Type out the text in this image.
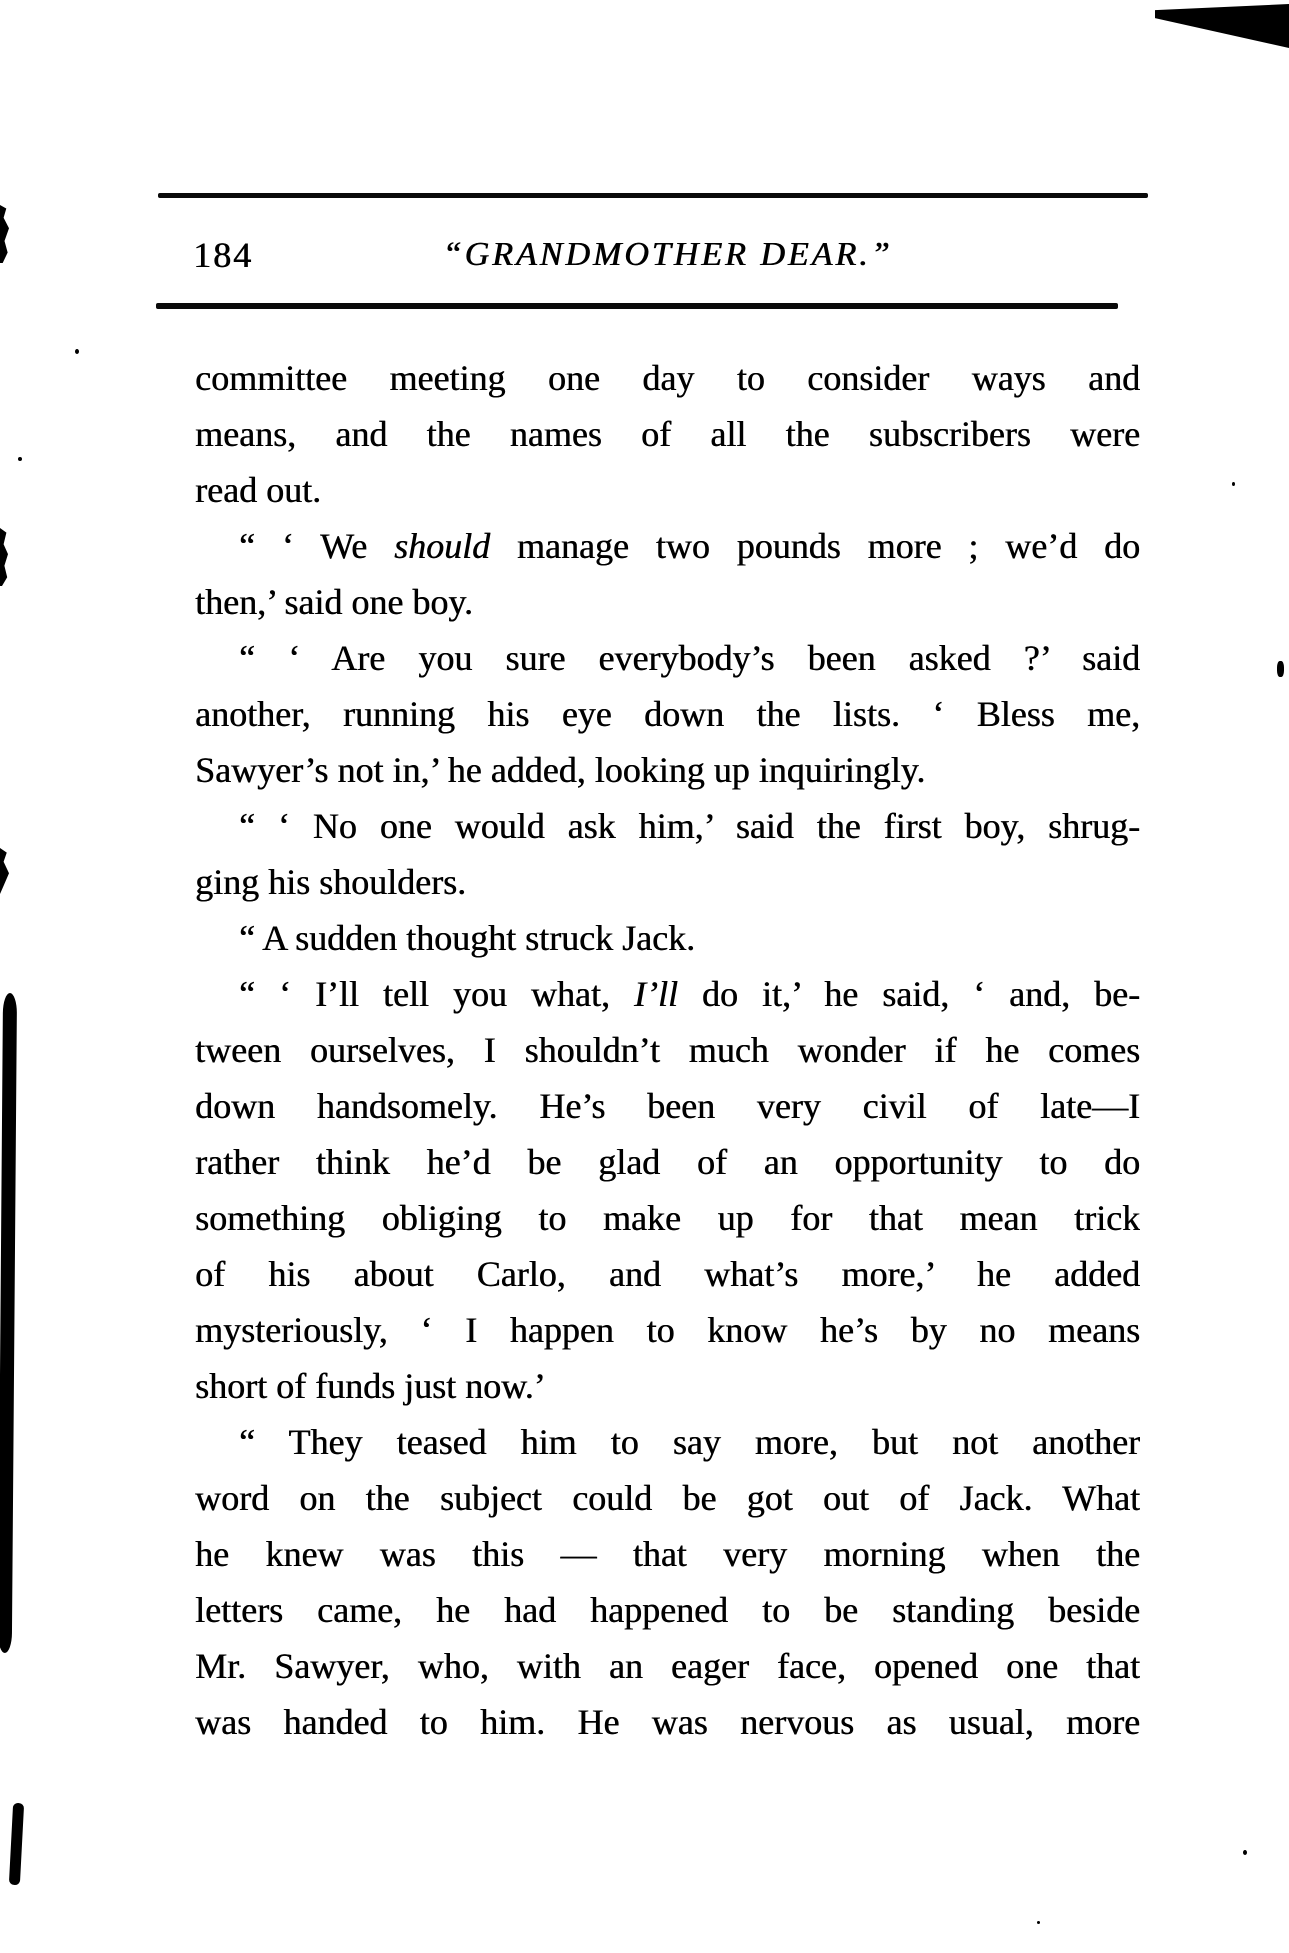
184	“GRANDMOTHER DEAR.”
committee meeting one day to consider ways and
means, and the names of all the subscribers were
read out.
“ ‘ We should manage two pounds more ; we’d do
then,’ said one boy.
“ ‘ Are you sure everybody’s been asked ?’ said
another, running his eye down the lists. ‘ Bless me,
Sawyer’s not in,’ he added, looking up inquiringly.
“ ‘ No one would ask him,’ said the first boy, shrug-
ging his shoulders.
“ A sudden thought struck Jack.
“ ‘ I’ll tell you what, I’ll do it,’ he said, ‘ and, be-
tween ourselves, I shouldn’t much wonder if he comes
down handsomely. He’s been very civil of late—I
rather think he’d be glad of an opportunity to do
something obliging to make up for that mean trick
of his about Carlo, and what’s more,’ he added
mysteriously, ‘ I happen to know he’s by no means
short of funds just now.’
“ They teased him to say more, but not another
word on the subject could be got out of Jack. What
he knew was this — that very morning when the
letters came, he had happened to be standing beside
Mr. Sawyer, who, with an eager face, opened one that
was handed to him. He was nervous as usual, more
